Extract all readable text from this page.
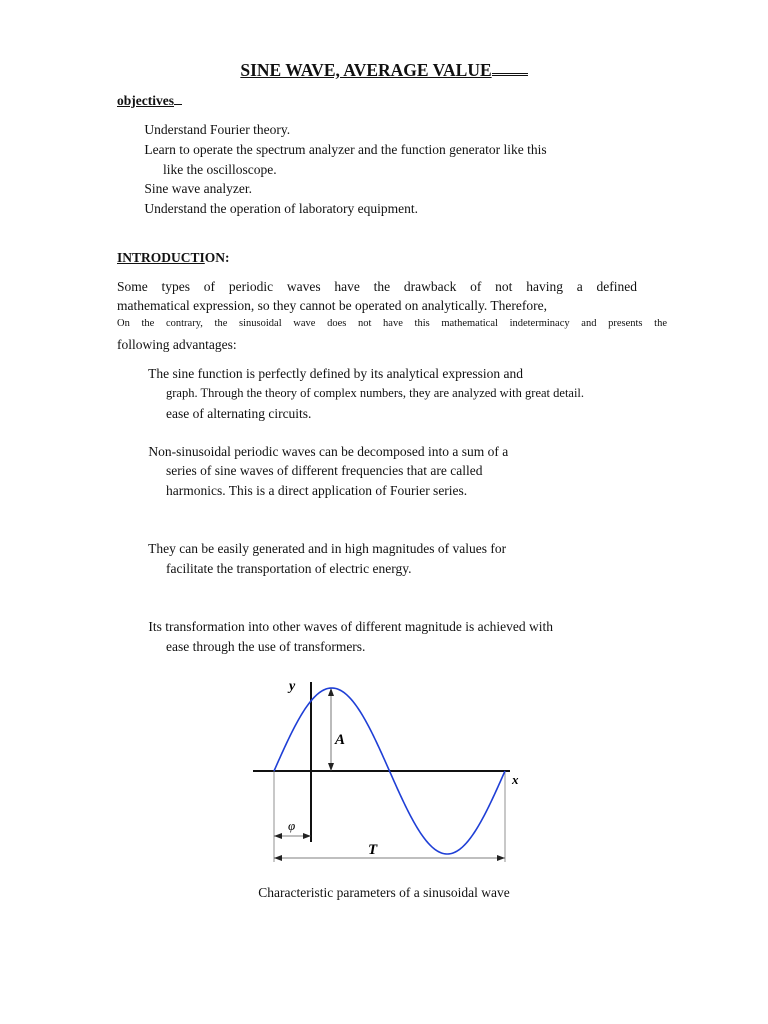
SINE WAVE, AVERAGE VALUE
objectives
Understand Fourier theory.
Learn to operate the spectrum analyzer and the function generator like this
like the oscilloscope.
Sine wave analyzer.
Understand the operation of laboratory equipment.
INTRODUCTION:
Some types of periodic waves have the drawback of not having a defined
mathematical expression, so they cannot be operated on analytically. Therefore,
On the contrary, the sinusoidal wave does not have this mathematical indeterminacy and presents the
following advantages:
The sine function is perfectly defined by its analytical expression and
graph. Through the theory of complex numbers, they are analyzed with great detail.
ease of alternating circuits.
Non-sinusoidal periodic waves can be decomposed into a sum of a
series of sine waves of different frequencies that are called
harmonics. This is a direct application of Fourier series.
They can be easily generated and in high magnitudes of values for
facilitate the transportation of electric energy.
Its transformation into other waves of different magnitude is achieved with
ease through the use of transformers.
y
x
A
φ
T
Characteristic parameters of a sinusoidal wave
